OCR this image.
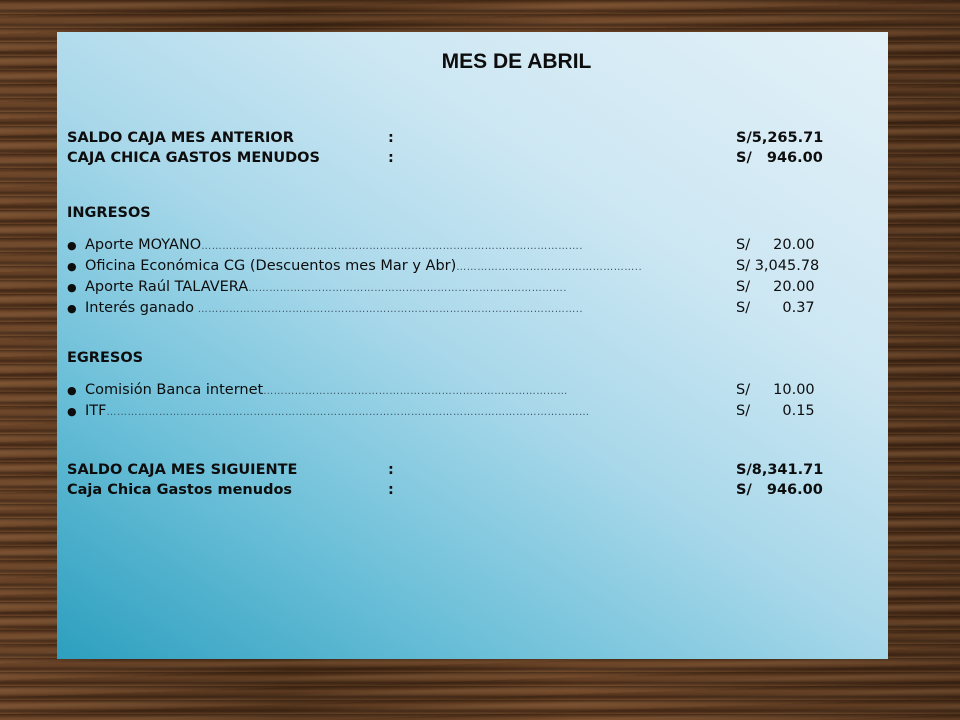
MES DE ABRIL
SALDO CAJA MES ANTERIOR	:	S/5,265.71
CAJA CHICA GASTOS MENUDOS	:	S/   946.00
INGRESOS
● Aporte MOYANO……………………………………………………………………………………………….	S/     20.00
● Oficina Económica CG (Descuentos mes Mar y Abr)……………………………………………..	S/ 3,045.78
● Aporte Raúl TALAVERA……………………………………………………………………………….	S/     20.00
● Interés ganado ………………………………………………………………………………………………..	S/       0.37
EGRESOS
● Comisión Banca internet……………………………………………………………………………	S/     10.00
● ITF…………………………………………………………………………………………………………………………	S/       0.15
SALDO CAJA MES SIGUIENTE	:	S/8,341.71
Caja Chica Gastos menudos	:	S/   946.00
